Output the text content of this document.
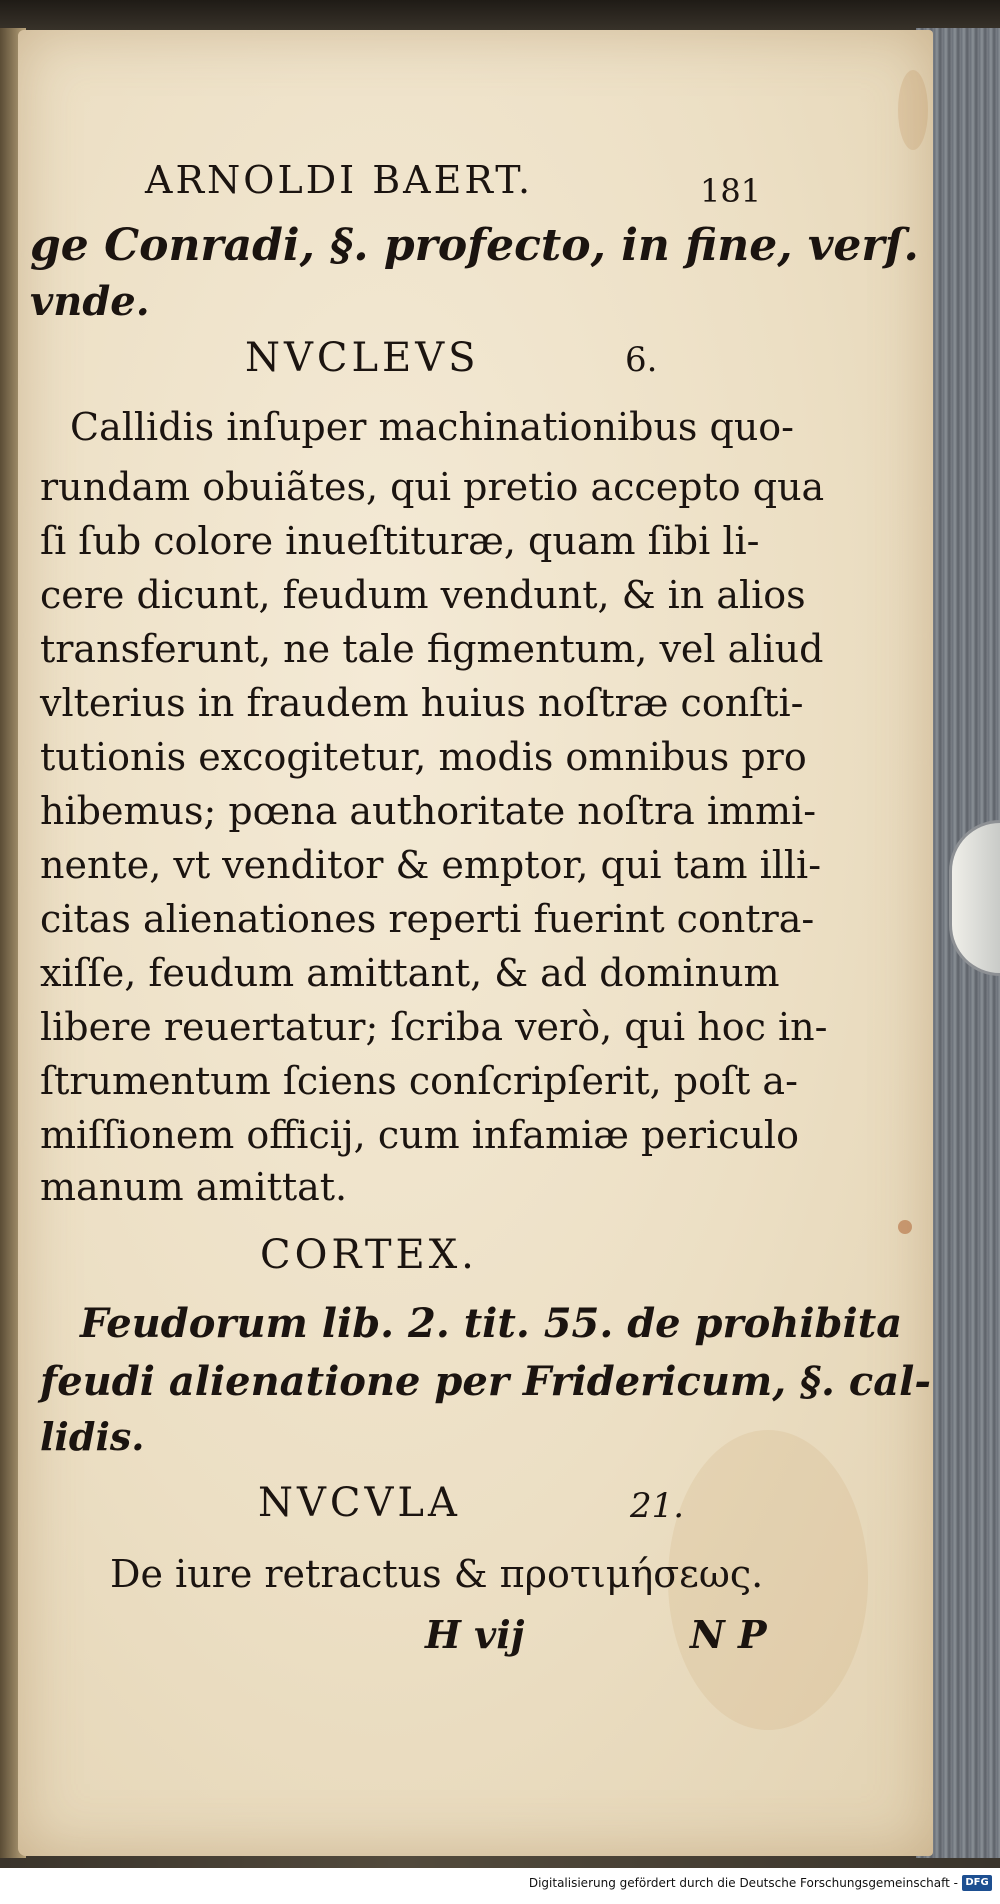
ARNOLDI BAERT.	181
ge Conradi, §. profecto, in fine, verſ.
vnde.
NVCLEVS	6.
Callidis inſuper machinationibus quo-
rundam obuiãtes, qui pretio accepto qua
ſi ſub colore inueſtituræ, quam ſibi li-
cere dicunt, feudum vendunt, & in alios
transferunt, ne tale figmentum, vel aliud
vlterius in fraudem huius noſtræ conſti-
tutionis excogitetur, modis omnibus pro
hibemus; pœna authoritate noſtra immi-
nente, vt venditor & emptor, qui tam illi-
citas alienationes reperti fuerint contra-
xiſſe, feudum amittant, & ad dominum
libere reuertatur; ſcriba verò, qui hoc in-
ſtrumentum ſciens conſcripſerit, poſt a-
miſſionem officij, cum infamiæ periculo
manum amittat.
CORTEX.
Feudorum lib. 2. tit. 55. de prohibita
feudi alienatione per Fridericum, §. cal-
lidis.
NVCVLA	21.
De iure retractus & προτιμήσεως.
H vij	N P
Digitalisierung gefördert durch die Deutsche Forschungsgemeinschaft - DFG
